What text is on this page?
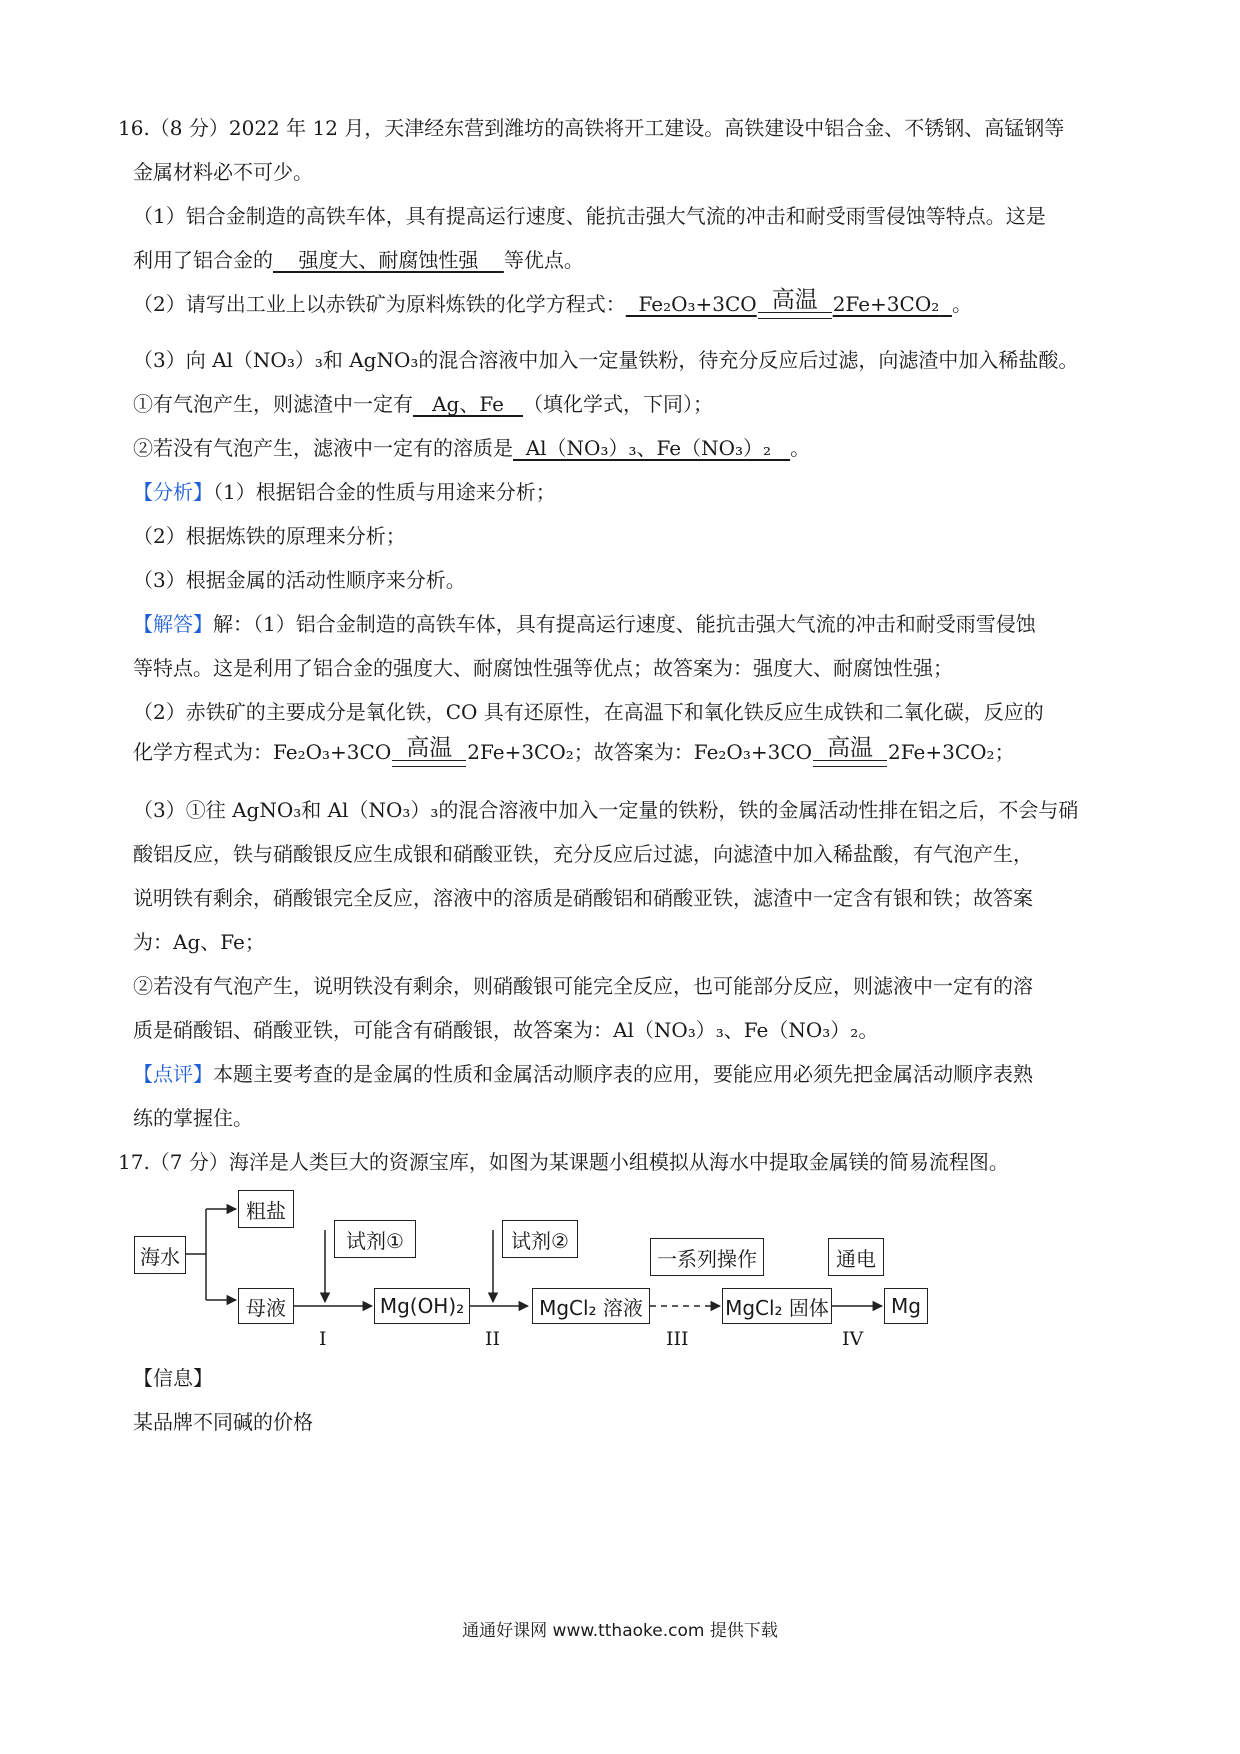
16.（8 分）2022 年 12 月，天津经东营到潍坊的高铁将开工建设。高铁建设中铝合金、不锈钢、高锰钢等
金属材料必不可少。
（1）铝合金制造的高铁车体，具有提高运行速度、能抗击强大气流的冲击和耐受雨雪侵蚀等特点。这是
利用了铝合金的    强度大、耐腐蚀性强    等优点。
（2）请写出工业上以赤铁矿为原料炼铁的化学方程式： Fe₂O₃+3CO 高温 2Fe+3CO₂ 。
（3）向 Al（NO₃）₃和 AgNO₃的混合溶液中加入一定量铁粉，待充分反应后过滤，向滤渣中加入稀盐酸。
①有气泡产生，则滤渣中一定有   Ag、Fe   （填化学式，下同）；
②若没有气泡产生，滤液中一定有的溶质是  Al（NO₃）₃、Fe（NO₃）₂   。
【分析】（1）根据铝合金的性质与用途来分析；
（2）根据炼铁的原理来分析；
（3）根据金属的活动性顺序来分析。
【解答】解：（1）铝合金制造的高铁车体，具有提高运行速度、能抗击强大气流的冲击和耐受雨雪侵蚀
等特点。这是利用了铝合金的强度大、耐腐蚀性强等优点；故答案为：强度大、耐腐蚀性强；
（2）赤铁矿的主要成分是氧化铁，CO 具有还原性，在高温下和氧化铁反应生成铁和二氧化碳，反应的
化学方程式为：Fe₂O₃+3CO 高温 2Fe+3CO₂；故答案为：Fe₂O₃+3CO 高温 2Fe+3CO₂；
（3）①往 AgNO₃和 Al（NO₃）₃的混合溶液中加入一定量的铁粉，铁的金属活动性排在铝之后，不会与硝
酸铝反应，铁与硝酸银反应生成银和硝酸亚铁，充分反应后过滤，向滤渣中加入稀盐酸，有气泡产生，
说明铁有剩余，硝酸银完全反应，溶液中的溶质是硝酸铝和硝酸亚铁，滤渣中一定含有银和铁；故答案
为：Ag、Fe；
②若没有气泡产生，说明铁没有剩余，则硝酸银可能完全反应，也可能部分反应，则滤液中一定有的溶
质是硝酸铝、硝酸亚铁，可能含有硝酸银，故答案为：Al（NO₃）₃、Fe（NO₃）₂。
【点评】本题主要考查的是金属的性质和金属活动顺序表的应用，要能应用必须先把金属活动顺序表熟
练的掌握住。
17.（7 分）海洋是人类巨大的资源宝库，如图为某课题小组模拟从海水中提取金属镁的简易流程图。
海水
粗盐
母液
试剂①
Mg(OH)₂
试剂②
MgCl₂ 溶液
一系列操作
MgCl₂ 固体
通电
Mg
I	II	III	IV
【信息】
某品牌不同碱的价格
通通好课网 www.tthaoke.com 提供下载
